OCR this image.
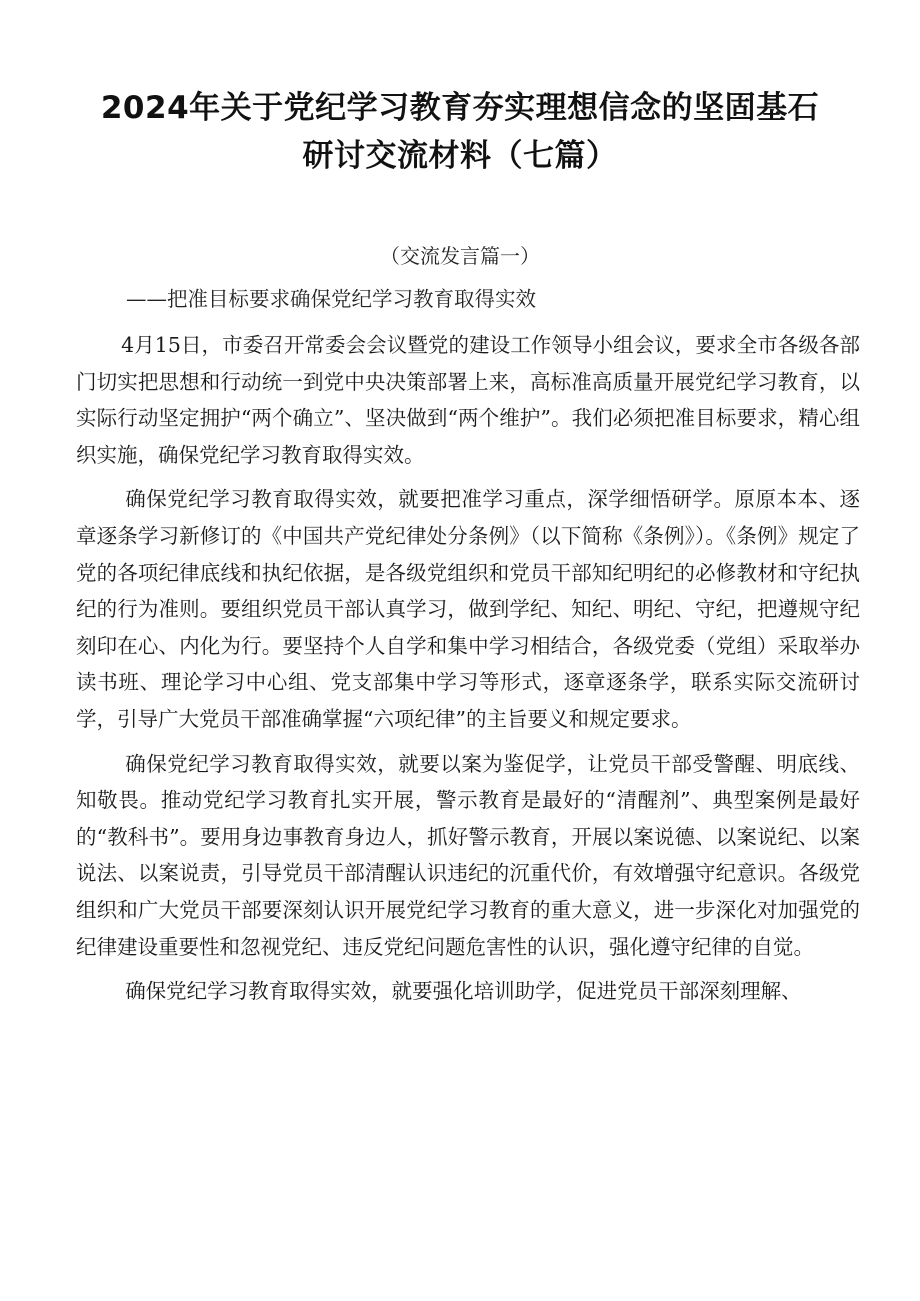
2024年关于党纪学习教育夯实理想信念的坚固基石研讨交流材料（七篇）
（交流发言篇一）
——把准目标要求确保党纪学习教育取得实效

4月15日，市委召开常委会会议暨党的建设工作领导小组会议，要求全市各级各部门切实把思想和行动统一到党中央决策部署上来，高标准高质量开展党纪学习教育，以实际行动坚定拥护“两个确立”、坚决做到“两个维护”。我们必须把准目标要求，精心组织实施，确保党纪学习教育取得实效。

确保党纪学习教育取得实效，就要把准学习重点，深学细悟研学。原原本本、逐章逐条学习新修订的《中国共产党纪律处分条例》（以下简称《条例》）。《条例》规定了党的各项纪律底线和执纪依据，是各级党组织和党员干部知纪明纪的必修教材和守纪执纪的行为准则。要组织党员干部认真学习，做到学纪、知纪、明纪、守纪，把遵规守纪刻印在心、内化为行。要坚持个人自学和集中学习相结合，各级党委（党组）采取举办读书班、理论学习中心组、党支部集中学习等形式，逐章逐条学，联系实际交流研讨学，引导广大党员干部准确掌握“六项纪律”的主旨要义和规定要求。

确保党纪学习教育取得实效，就要以案为鉴促学，让党员干部受警醒、明底线、知敬畏。推动党纪学习教育扎实开展，警示教育是最好的“清醒剂”、典型案例是最好的“教科书”。要用身边事教育身边人，抓好警示教育，开展以案说德、以案说纪、以案说法、以案说责，引导党员干部清醒认识违纪的沉重代价，有效增强守纪意识。各级党组织和广大党员干部要深刻认识开展党纪学习教育的重大意义，进一步深化对加强党的纪律建设重要性和忽视党纪、违反党纪问题危害性的认识，强化遵守纪律的自觉。

确保党纪学习教育取得实效，就要强化培训助学，促进党员干部深刻理解、
